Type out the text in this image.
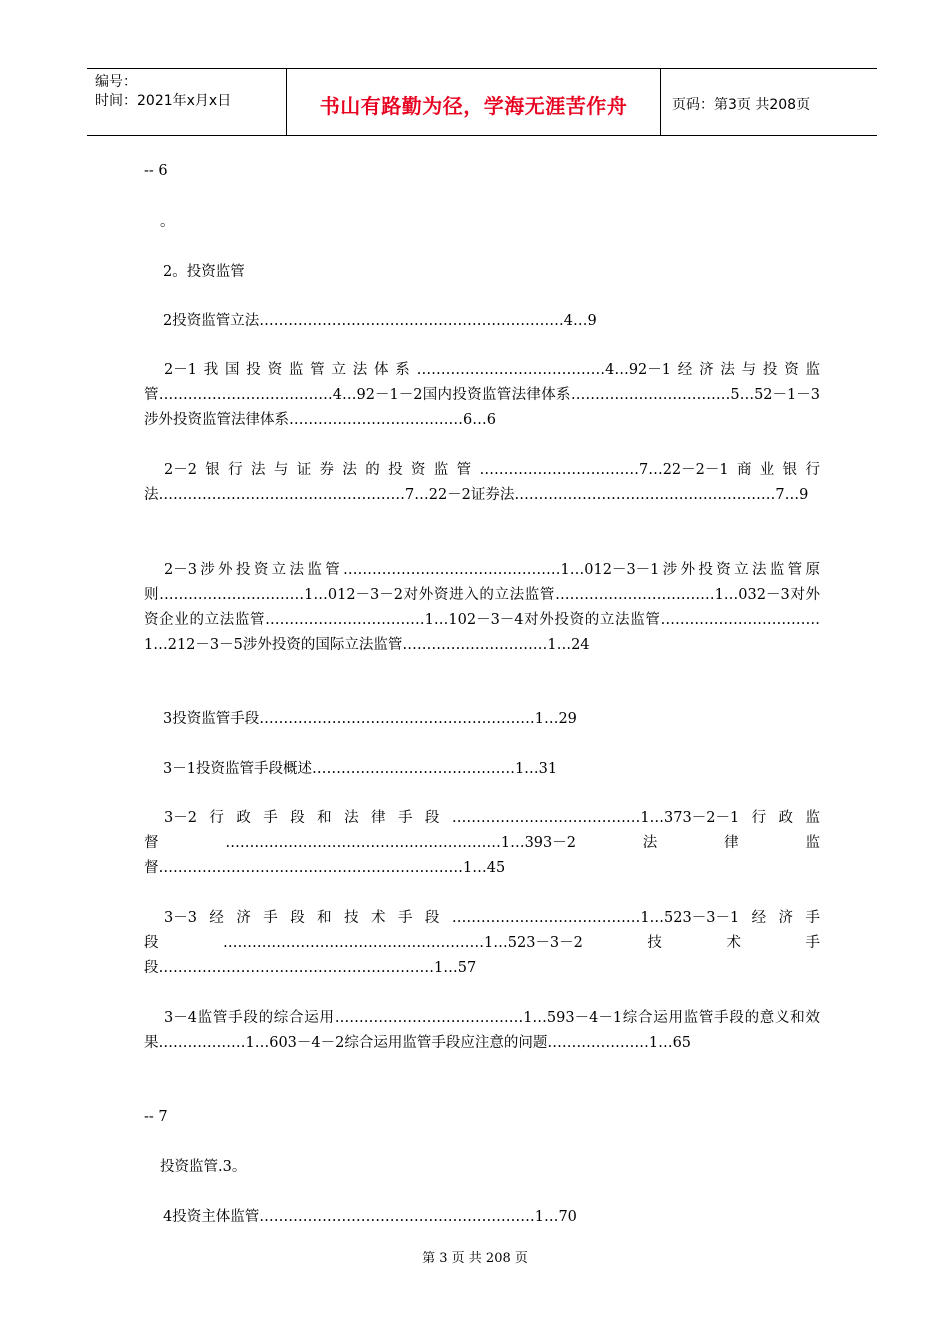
编号：
时间：2021年x月x日	书山有路勤为径，学海无涯苦作舟	页码：第3页 共208页
-- 6
。
2。投资监管
2投资监管立法………………………………………………………4…9
2－1我国投资监管立法体系…………………………………4…92－1经济法与投资监管………………………………4…92－1－2国内投资监管法律体系……………………………5…52－1－3涉外投资监管法律体系………………………………6…6
2－2银行法与证券法的投资监管……………………………7…22－2－1商业银行法……………………………………………7…22－2证券法………………………………………………7…9
2－3涉外投资立法监管………………………………………1…012－3－1涉外投资立法监管原则…………………………1…012－3－2对外资进入的立法监管……………………………1…032－3对外资企业的立法监管……………………………1…102－3－4对外投资的立法监管……………………………1…212－3－5涉外投资的国际立法监管…………………………1…24
3投资监管手段…………………………………………………1…29
3－1投资监管手段概述……………………………………1…31
3－2行政手段和法律手段…………………………………1…373－2－1行政监督…………………………………………………1…393－2法律监督………………………………………………………1…45
3－3经济手段和技术手段…………………………………1…523－3－1经济手段………………………………………………1…523－3－2技术手段…………………………………………………1…57
3－4监管手段的综合运用…………………………………1…593－4－1综合运用监管手段的意义和效果………………1…603－4－2综合运用监管手段应注意的问题…………………1…65
-- 7
投资监管.3。
4投资主体监管…………………………………………………1…70
第 3 页 共 208 页
